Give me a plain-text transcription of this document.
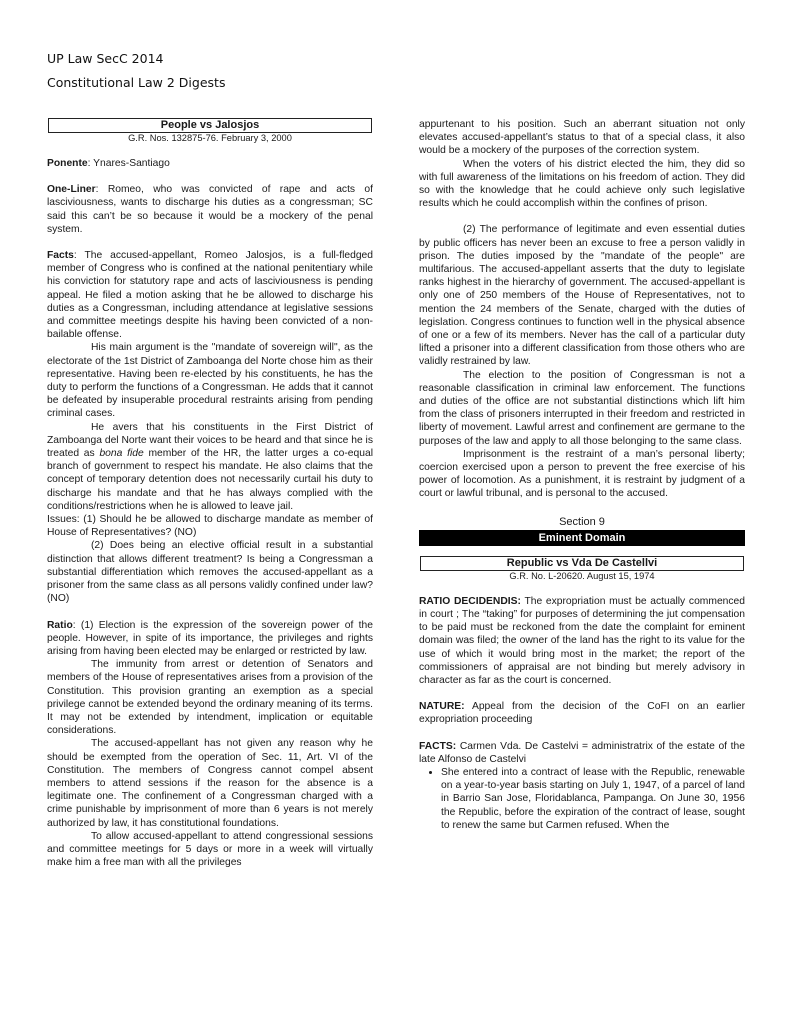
UP Law SecC 2014
Constitutional Law 2 Digests
People vs Jalosjos
G.R. Nos. 132875-76. February 3, 2000

Ponente: Ynares-Santiago

One-Liner: Romeo, who was convicted of rape and acts of lasciviousness, wants to discharge his duties as a congressman; SC said this can’t be so because it would be a mockery of the penal system.

Facts: The accused-appellant, Romeo Jalosjos, is a full-fledged member of Congress who is confined at the national penitentiary while his conviction for statutory rape and acts of lasciviousness is pending appeal. He filed a motion asking that he be allowed to discharge his duties as a Congressman, including attendance at legislative sessions and committee meetings despite his having been convicted of a non-bailable offense.

His main argument is the "mandate of sovereign will", as the electorate of the 1st District of Zamboanga del Norte chose him as their representative. Having been re-elected by his constituents, he has the duty to perform the functions of a Congressman. He adds that it cannot be defeated by insuperable procedural restraints arising from pending criminal cases.

He avers that his constituents in the First District of Zamboanga del Norte want their voices to be heard and that since he is treated as bona fide member of the HR, the latter urges a co-equal branch of government to respect his mandate. He also claims that the concept of temporary detention does not necessarily curtail his duty to discharge his mandate and that he has always complied with the conditions/restrictions when he is allowed to leave jail.

Issues: (1) Should he be allowed to discharge mandate as member of House of Representatives? (NO)

(2) Does being an elective official result in a substantial distinction that allows different treatment? Is being a Congressman a substantial differentiation which removes the accused-appellant as a prisoner from the same class as all persons validly confined under law? (NO)

Ratio: (1) Election is the expression of the sovereign power of the people. However, in spite of its importance, the privileges and rights arising from having been elected may be enlarged or restricted by law.

The immunity from arrest or detention of Senators and members of the House of representatives arises from a provision of the Constitution. This provision granting an exemption as a special privilege cannot be extended beyond the ordinary meaning of its terms. It may not be extended by intendment, implication or equitable considerations.

The accused-appellant has not given any reason why he should be exempted from the operation of Sec. 11, Art. VI of the Constitution. The members of Congress cannot compel absent members to attend sessions if the reason for the absence is a legitimate one. The confinement of a Congressman charged with a crime punishable by imprisonment of more than 6 years is not merely authorized by law, it has constitutional foundations.

To allow accused-appellant to attend congressional sessions and committee meetings for 5 days or more in a week will virtually make him a free man with all the privileges

appurtenant to his position. Such an aberrant situation not only elevates accused-appellant’s status to that of a special class, it also would be a mockery of the purposes of the correction system.

When the voters of his district elected the him, they did so with full awareness of the limitations on his freedom of action. They did so with the knowledge that he could achieve only such legislative results which he could accomplish within the confines of prison.

(2) The performance of legitimate and even essential duties by public officers has never been an excuse to free a person validly in prison. The duties imposed by the "mandate of the people" are multifarious. The accused-appellant asserts that the duty to legislate ranks highest in the hierarchy of government. The accused-appellant is only one of 250 members of the House of Representatives, not to mention the 24 members of the Senate, charged with the duties of legislation. Congress continues to function well in the physical absence of one or a few of its members. Never has the call of a particular duty lifted a prisoner into a different classification from those others who are validly restrained by law.

The election to the position of Congressman is not a reasonable classification in criminal law enforcement. The functions and duties of the office are not substantial distinctions which lift him from the class of prisoners interrupted in their freedom and restricted in liberty of movement. Lawful arrest and confinement are germane to the purposes of the law and apply to all those belonging to the same class.

Imprisonment is the restraint of a man’s personal liberty; coercion exercised upon a person to prevent the free exercise of his power of locomotion. As a punishment, it is restraint by judgment of a court or lawful tribunal, and is personal to the accused.

Section 9
Eminent Domain
Republic vs Vda De Castellvi
G.R. No. L-20620. August 15, 1974

RATIO DECIDENDIS: The expropriation must be actually commenced in court ; The “taking” for purposes of determining the jut compensation to be paid must be reckoned from the date the complaint for eminent domain was filed; the owner of the land has the right to its value for the use of which it would bring most in the market; the report of the commissioners of appraisal are not binding but merely advisory in character as far as the court is concerned.

NATURE: Appeal from the decision of the CoFI on an earlier expropriation proceeding

FACTS: Carmen Vda. De Castelvi = administratrix of the estate of the late Alfonso de Castelvi

• She entered into a contract of lease with the Republic, renewable on a year-to-year basis starting on July 1, 1947, of a parcel of land in Barrio San Jose, Floridablanca, Pampanga. On June 30, 1956 the Republic, before the expiration of the contract of lease, sought to renew the same but Carmen refused. When the
